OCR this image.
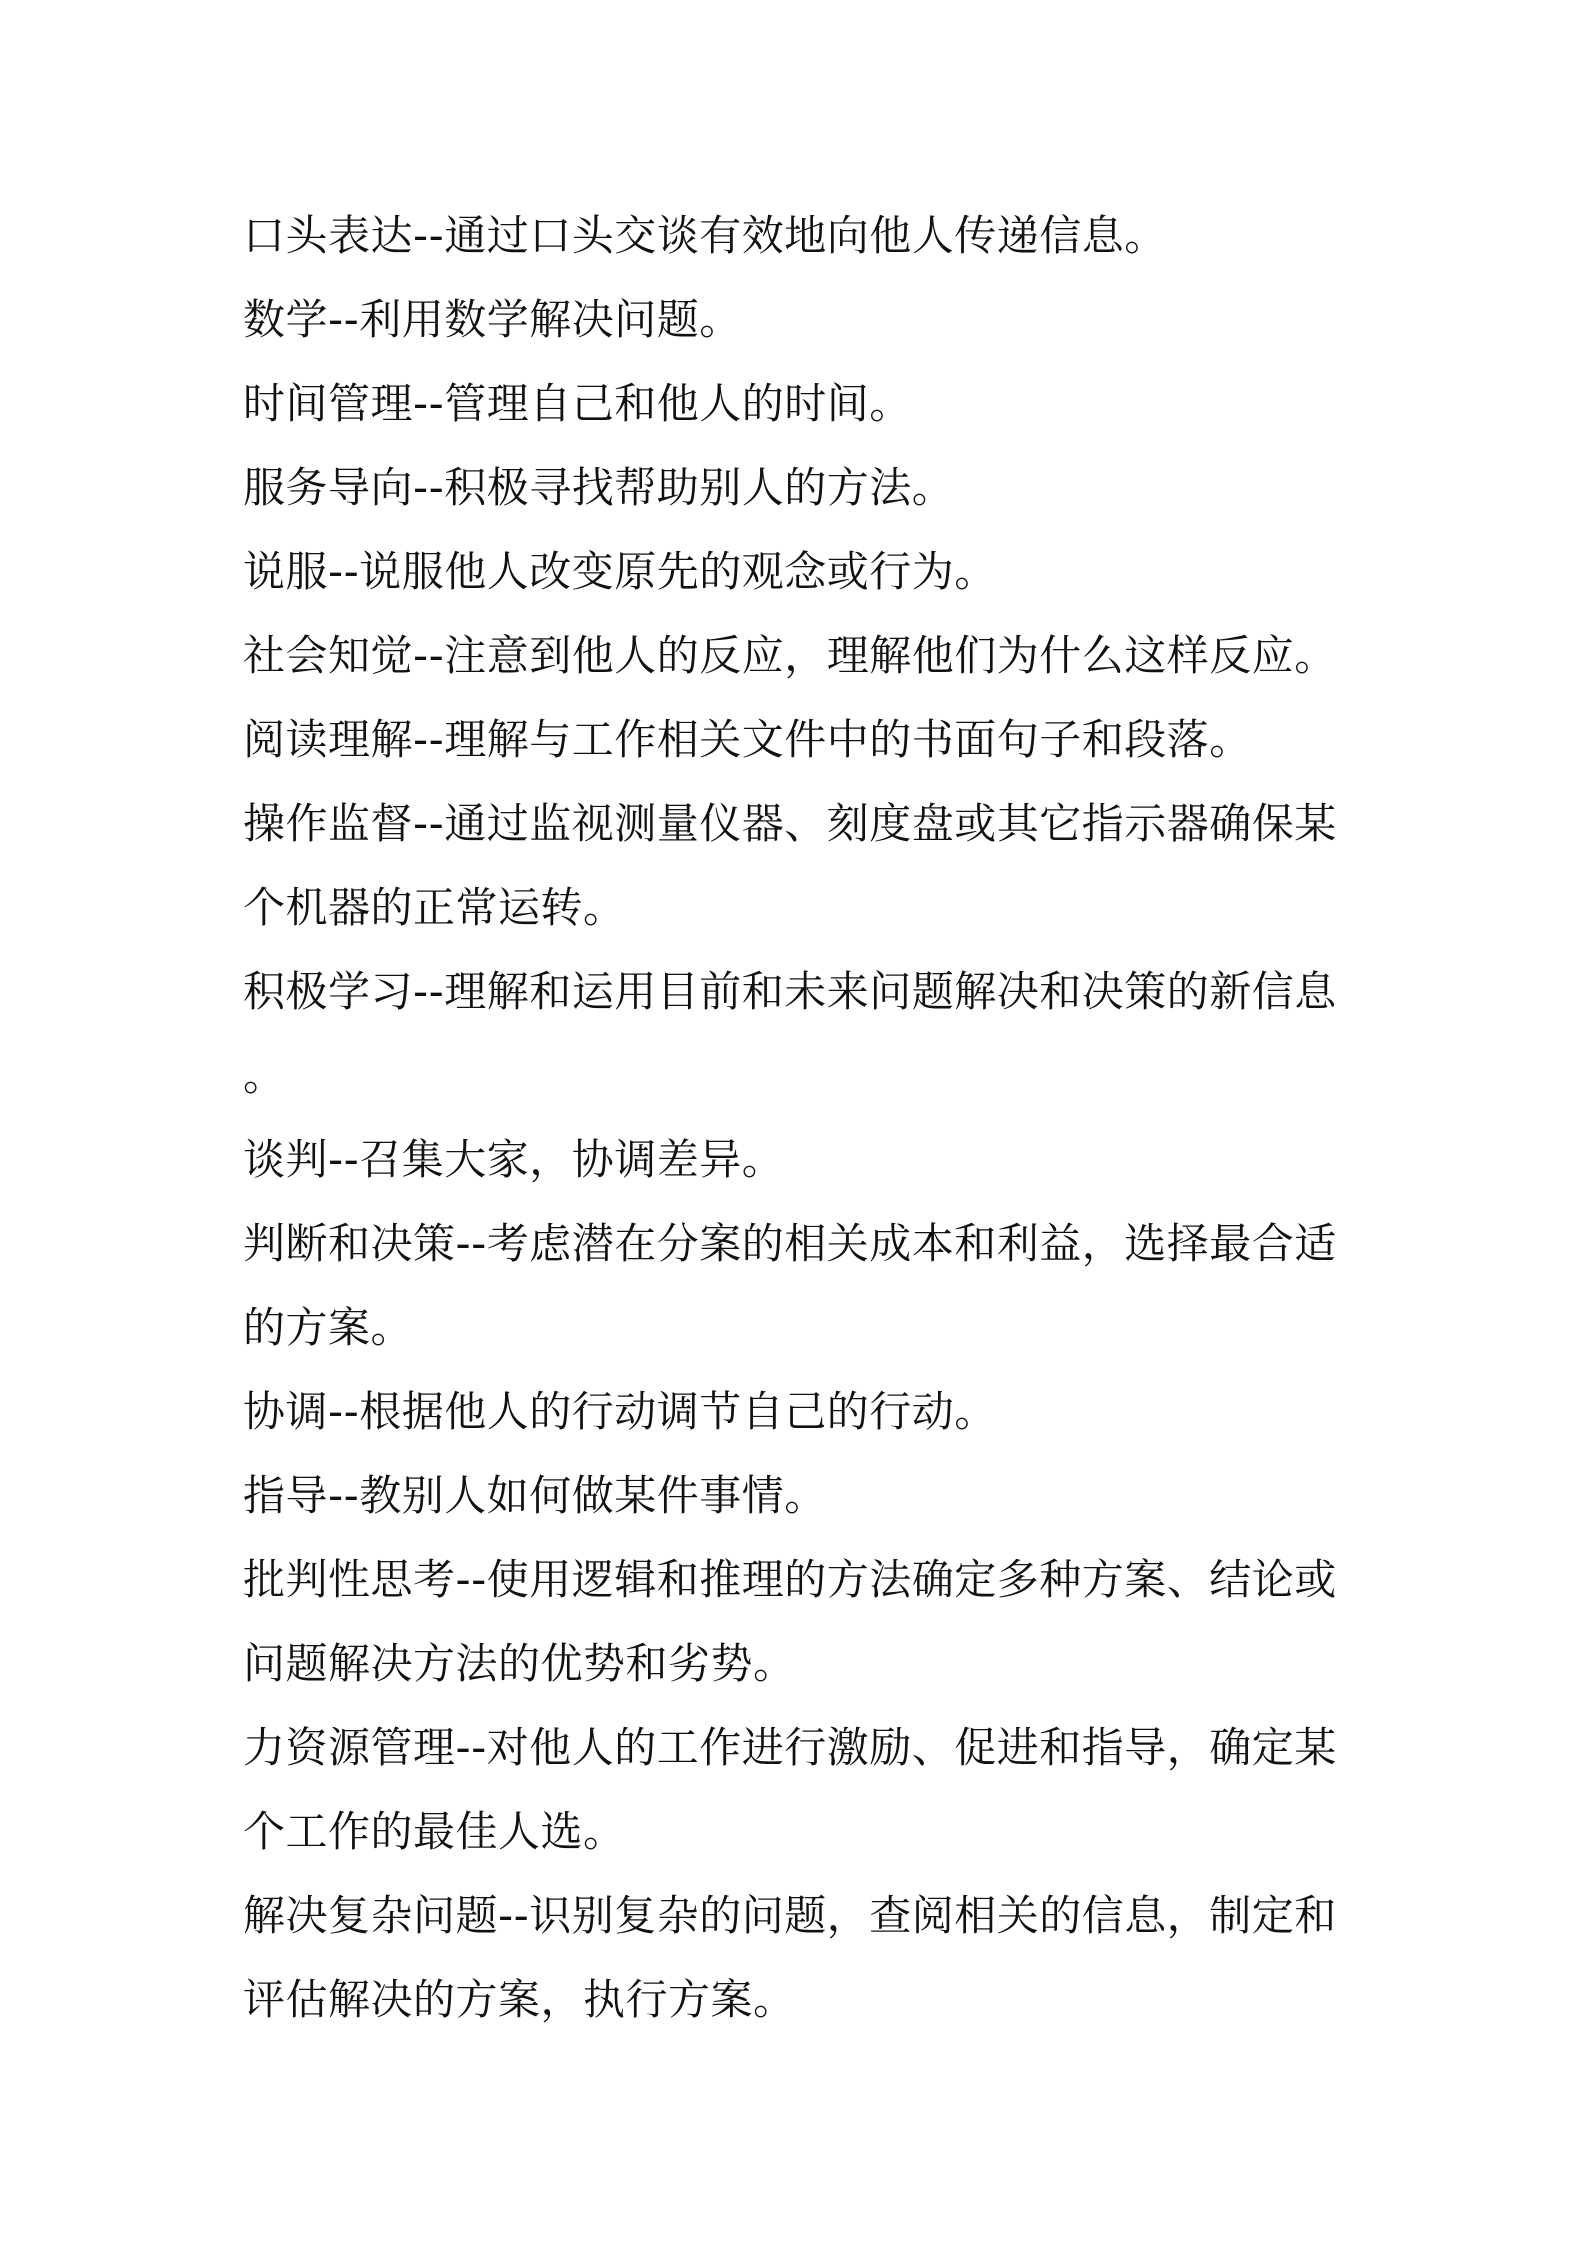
口头表达--通过口头交谈有效地向他人传递信息。
数学--利用数学解决问题。
时间管理--管理自己和他人的时间。
服务导向--积极寻找帮助别人的方法。
说服--说服他人改变原先的观念或行为。
社会知觉--注意到他人的反应，理解他们为什么这样反应。
阅读理解--理解与工作相关文件中的书面句子和段落。
操作监督--通过监视测量仪器、刻度盘或其它指示器确保某
个机器的正常运转。
积极学习--理解和运用目前和未来问题解决和决策的新信息
。
谈判--召集大家，协调差异。
判断和决策--考虑潜在分案的相关成本和利益，选择最合适
的方案。
协调--根据他人的行动调节自己的行动。
指导--教别人如何做某件事情。
批判性思考--使用逻辑和推理的方法确定多种方案、结论或
问题解决方法的优势和劣势。
力资源管理--对他人的工作进行激励、促进和指导，确定某
个工作的最佳人选。
解决复杂问题--识别复杂的问题，查阅相关的信息，制定和
评估解决的方案，执行方案。
